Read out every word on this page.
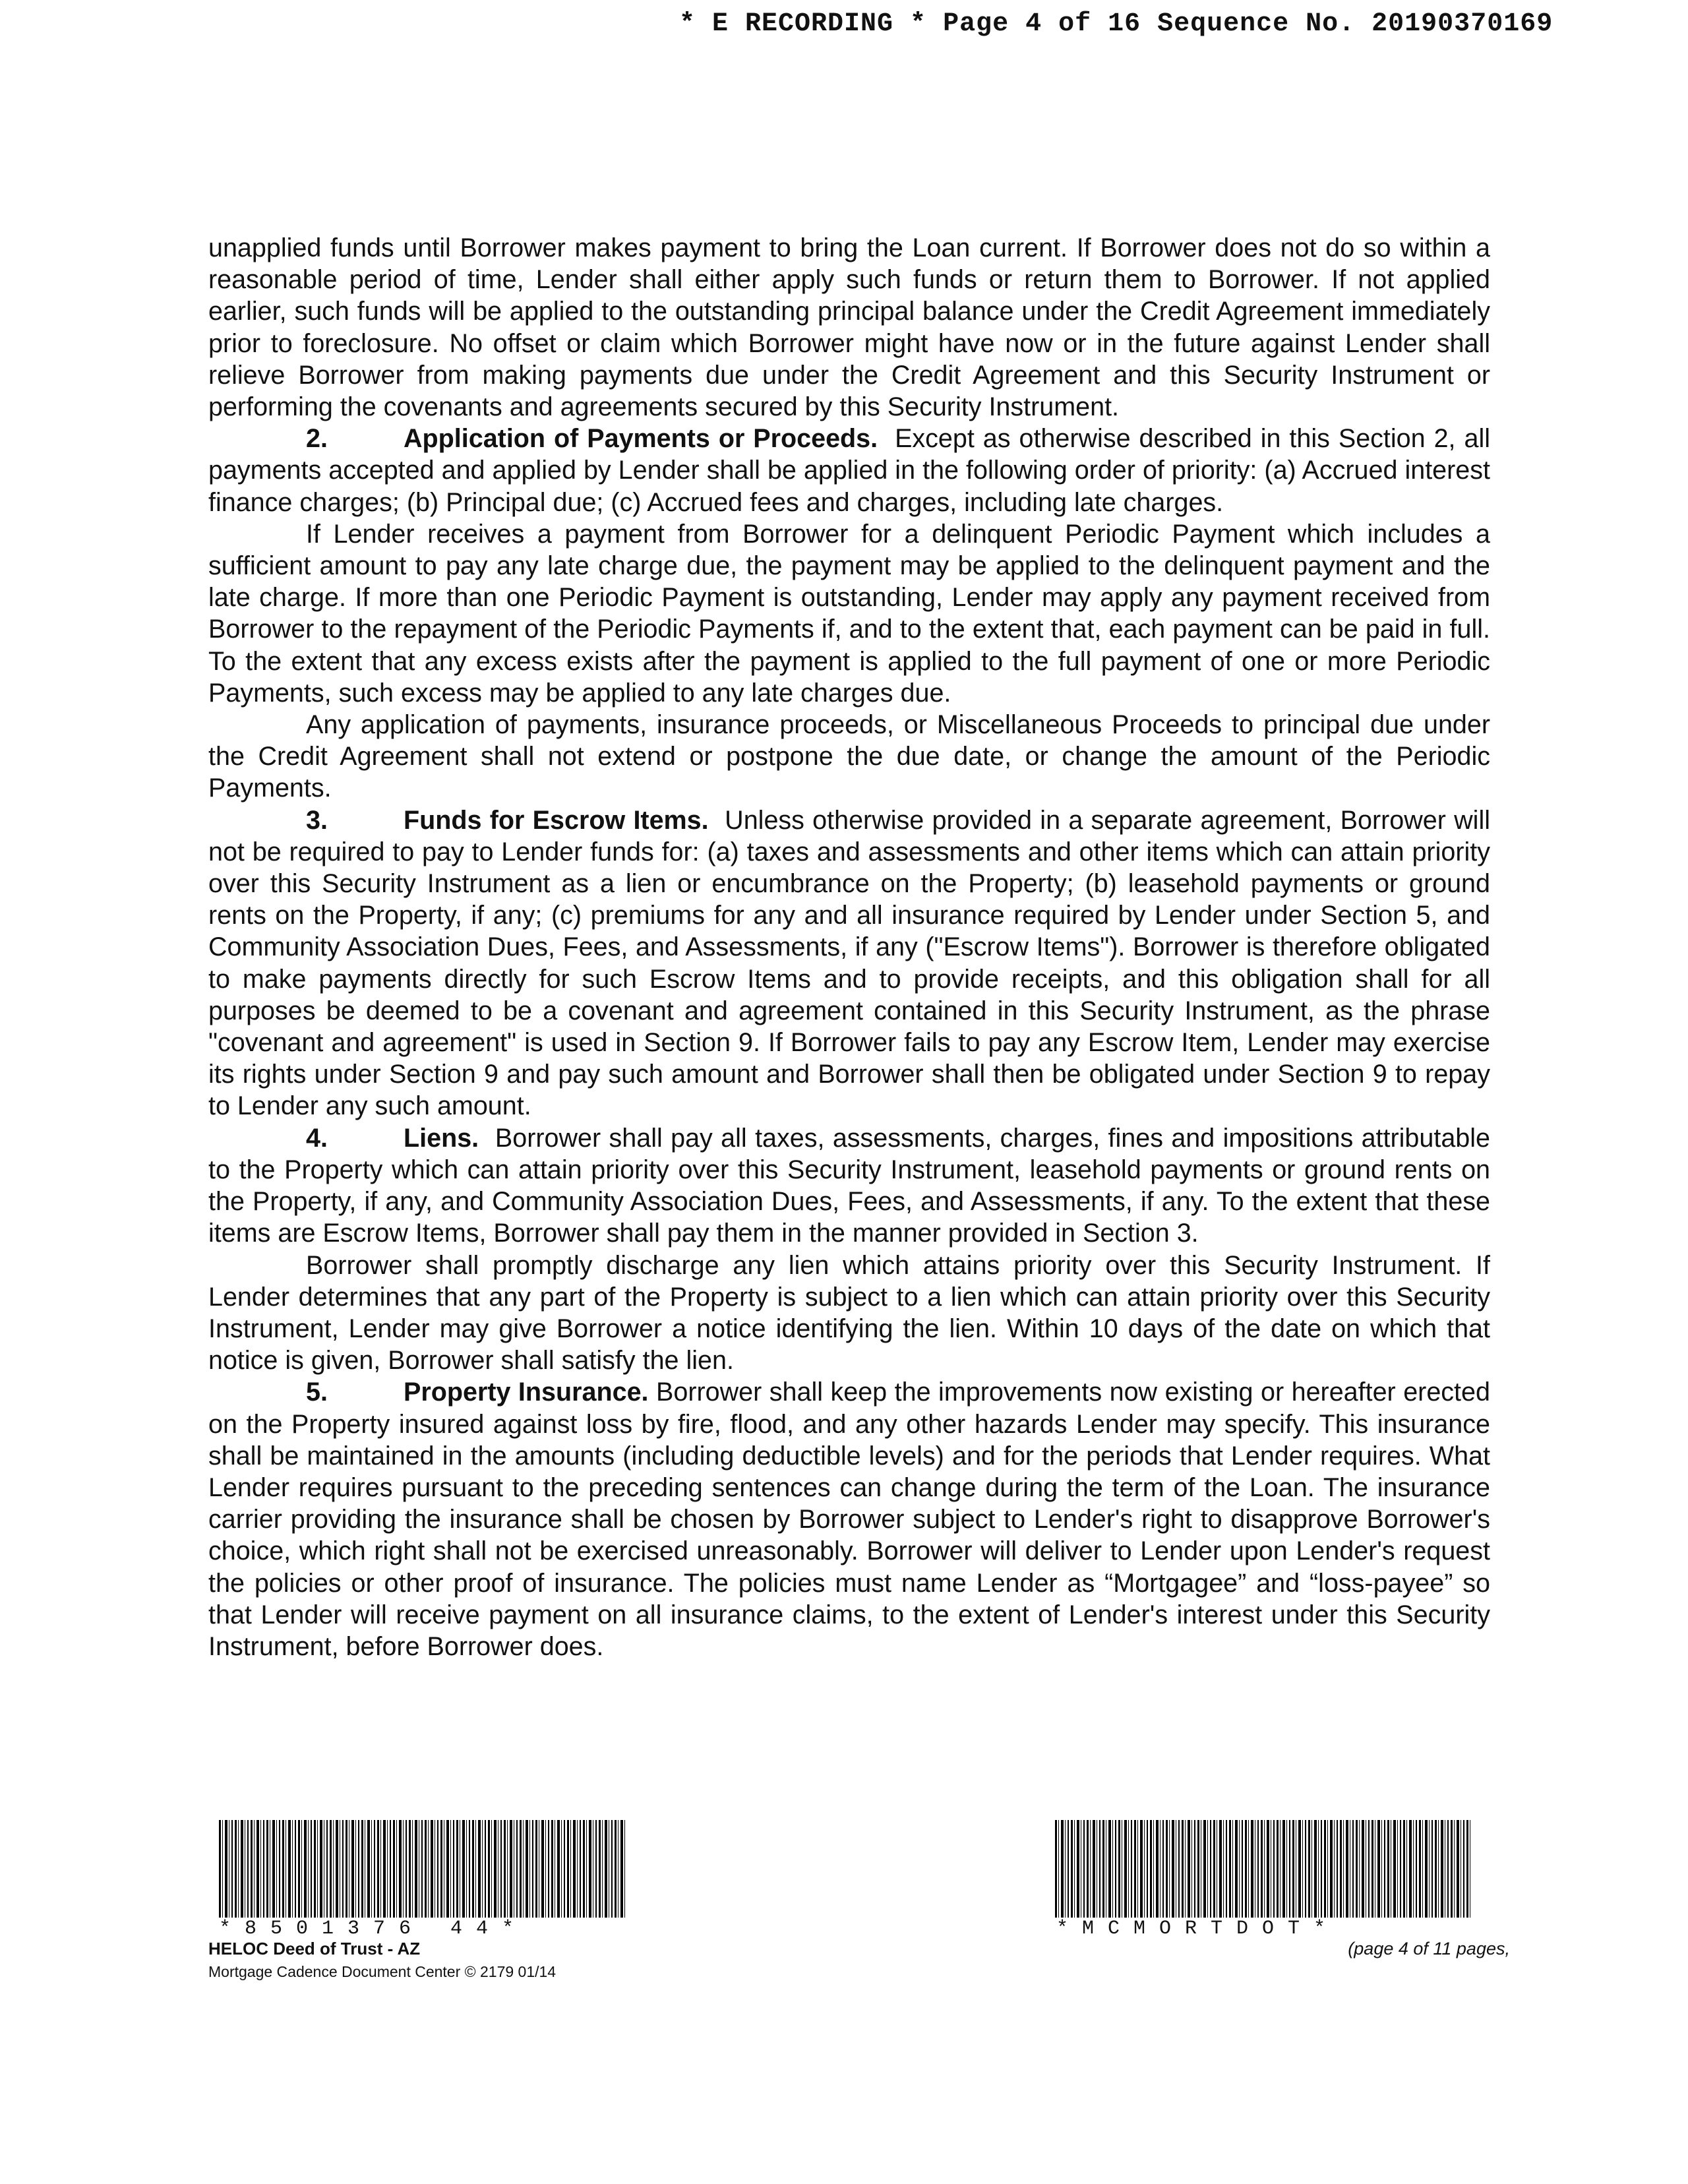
* E RECORDING * Page 4 of 16 Sequence No. 20190370169

unapplied funds until Borrower makes payment to bring the Loan current. If Borrower does not do so within a reasonable period of time, Lender shall either apply such funds or return them to Borrower. If not applied earlier, such funds will be applied to the outstanding principal balance under the Credit Agreement immediately prior to foreclosure. No offset or claim which Borrower might have now or in the future against Lender shall relieve Borrower from making payments due under the Credit Agreement and this Security Instrument or performing the covenants and agreements secured by this Security Instrument.

2.	Application of Payments or Proceeds. Except as otherwise described in this Section 2, all payments accepted and applied by Lender shall be applied in the following order of priority: (a) Accrued interest finance charges; (b) Principal due; (c) Accrued fees and charges, including late charges.

If Lender receives a payment from Borrower for a delinquent Periodic Payment which includes a sufficient amount to pay any late charge due, the payment may be applied to the delinquent payment and the late charge. If more than one Periodic Payment is outstanding, Lender may apply any payment received from Borrower to the repayment of the Periodic Payments if, and to the extent that, each payment can be paid in full. To the extent that any excess exists after the payment is applied to the full payment of one or more Periodic Payments, such excess may be applied to any late charges due.

Any application of payments, insurance proceeds, or Miscellaneous Proceeds to principal due under the Credit Agreement shall not extend or postpone the due date, or change the amount of the Periodic Payments.

3.	Funds for Escrow Items. Unless otherwise provided in a separate agreement, Borrower will not be required to pay to Lender funds for: (a) taxes and assessments and other items which can attain priority over this Security Instrument as a lien or encumbrance on the Property; (b) leasehold payments or ground rents on the Property, if any; (c) premiums for any and all insurance required by Lender under Section 5, and Community Association Dues, Fees, and Assessments, if any ("Escrow Items"). Borrower is therefore obligated to make payments directly for such Escrow Items and to provide receipts, and this obligation shall for all purposes be deemed to be a covenant and agreement contained in this Security Instrument, as the phrase "covenant and agreement" is used in Section 9. If Borrower fails to pay any Escrow Item, Lender may exercise its rights under Section 9 and pay such amount and Borrower shall then be obligated under Section 9 to repay to Lender any such amount.

4.	Liens. Borrower shall pay all taxes, assessments, charges, fines and impositions attributable to the Property which can attain priority over this Security Instrument, leasehold payments or ground rents on the Property, if any, and Community Association Dues, Fees, and Assessments, if any. To the extent that these items are Escrow Items, Borrower shall pay them in the manner provided in Section 3.

Borrower shall promptly discharge any lien which attains priority over this Security Instrument. If Lender determines that any part of the Property is subject to a lien which can attain priority over this Security Instrument, Lender may give Borrower a notice identifying the lien. Within 10 days of the date on which that notice is given, Borrower shall satisfy the lien.

5.	Property Insurance. Borrower shall keep the improvements now existing or hereafter erected on the Property insured against loss by fire, flood, and any other hazards Lender may specify. This insurance shall be maintained in the amounts (including deductible levels) and for the periods that Lender requires. What Lender requires pursuant to the preceding sentences can change during the term of the Loan. The insurance carrier providing the insurance shall be chosen by Borrower subject to Lender's right to disapprove Borrower's choice, which right shall not be exercised unreasonably. Borrower will deliver to Lender upon Lender's request the policies or other proof of insurance. The policies must name Lender as “Mortgagee” and “loss-payee” so that Lender will receive payment on all insurance claims, to the extent of Lender's interest under this Security Instrument, before Borrower does.

*8501376 44*
HELOC Deed of Trust - AZ
Mortgage Cadence Document Center © 2179 01/14
*MCMORTDOT*
(page 4 of 11 pages,
